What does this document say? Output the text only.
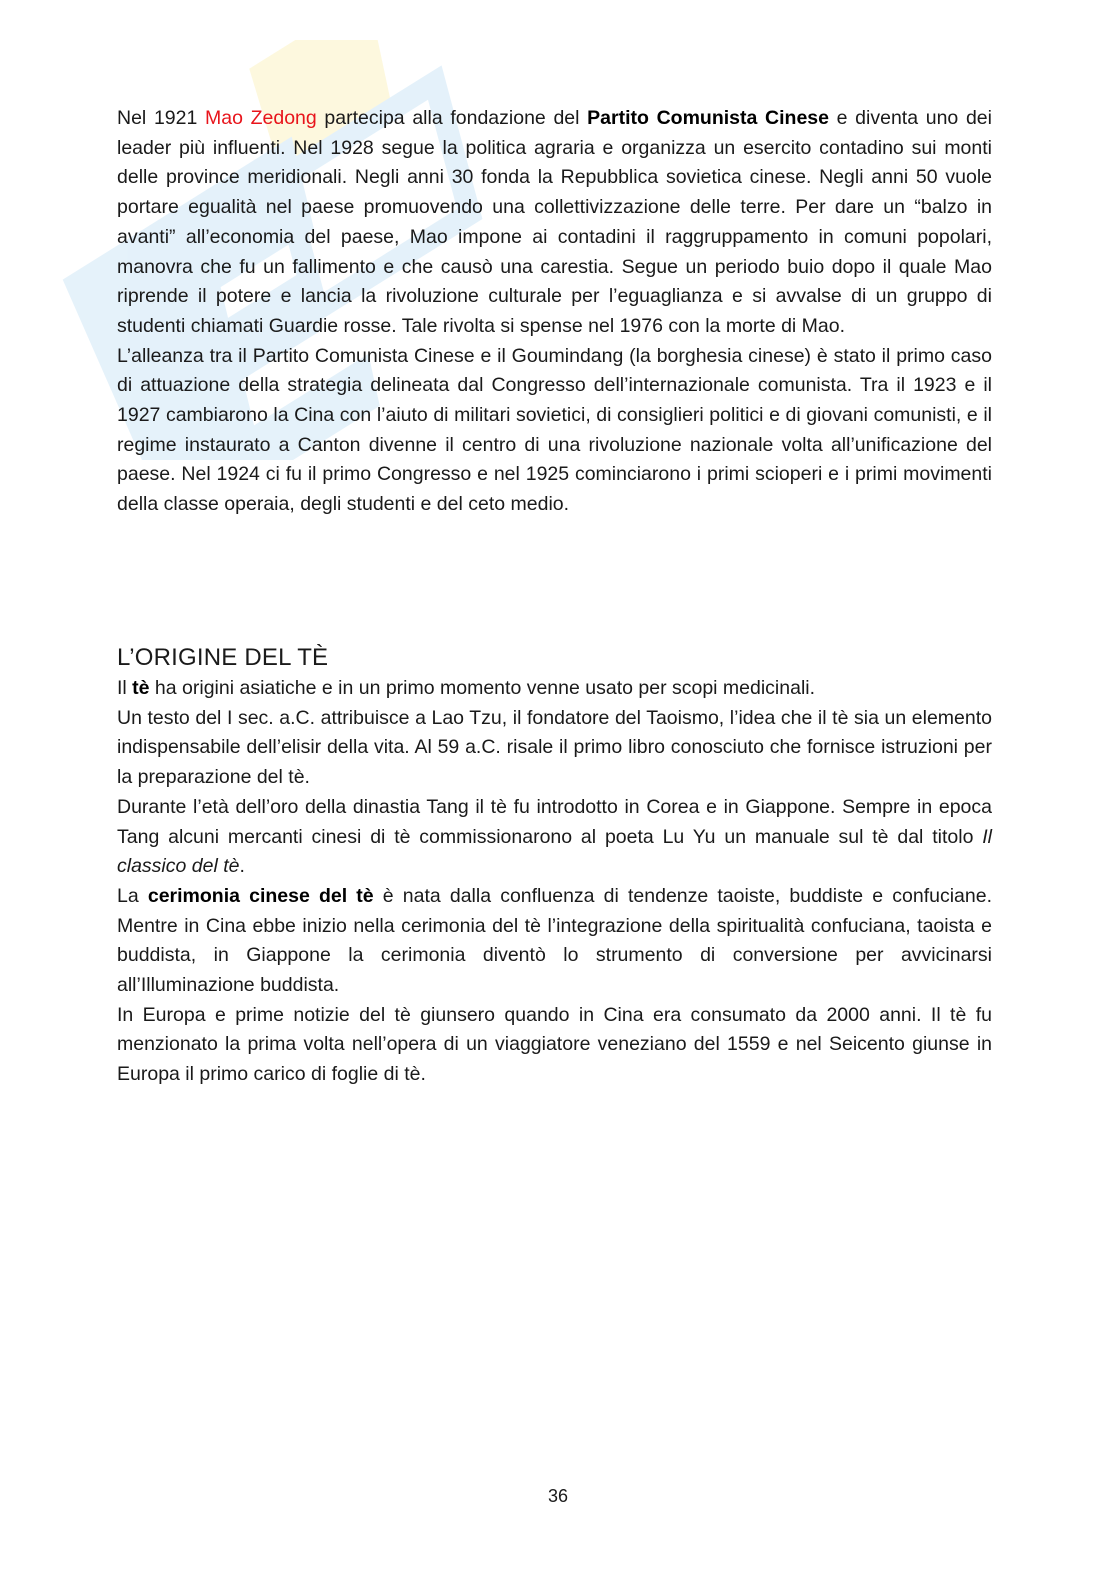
Nel 1921 Mao Zedong partecipa alla fondazione del Partito Comunista Cinese e diventa uno dei leader più influenti. Nel 1928 segue la politica agraria e organizza un esercito contadino sui monti delle province meridionali. Negli anni 30 fonda la Repubblica sovietica cinese. Negli anni 50 vuole portare egualità nel paese promuovendo una collettivizzazione delle terre. Per dare un “balzo in avanti” all’economia del paese, Mao impone ai contadini il raggruppamento in comuni popolari, manovra che fu un fallimento e che causò una carestia. Segue un periodo buio dopo il quale Mao riprende il potere e lancia la rivoluzione culturale per l’eguaglianza e si avvalse di un gruppo di studenti chiamati Guardie rosse. Tale rivolta si spense nel 1976 con la morte di Mao.

L’alleanza tra il Partito Comunista Cinese e il Goumindang (la borghesia cinese) è stato il primo caso di attuazione della strategia delineata dal Congresso dell’internazionale comunista. Tra il 1923 e il 1927 cambiarono la Cina con l’aiuto di militari sovietici, di consiglieri politici e di giovani comunisti, e il regime instaurato a Canton divenne il centro di una rivoluzione nazionale volta all’unificazione del paese. Nel 1924 ci fu il primo Congresso e nel 1925 cominciarono i primi scioperi e i primi movimenti della classe operaia, degli studenti e del ceto medio.

L’ORIGINE DEL TÈ

Il tè ha origini asiatiche e in un primo momento venne usato per scopi medicinali.

Un testo del I sec. a.C. attribuisce a Lao Tzu, il fondatore del Taoismo, l’idea che il tè sia un elemento indispensabile dell’elisir della vita. Al 59 a.C. risale il primo libro conosciuto che fornisce istruzioni per la preparazione del tè.

Durante l’età dell’oro della dinastia Tang il tè fu introdotto in Corea e in Giappone. Sempre in epoca Tang alcuni mercanti cinesi di tè commissionarono al poeta Lu Yu un manuale sul tè dal titolo Il classico del tè.

La cerimonia cinese del tè è nata dalla confluenza di tendenze taoiste, buddiste e confuciane. Mentre in Cina ebbe inizio nella cerimonia del tè l’integrazione della spiritualità confuciana, taoista e buddista, in Giappone la cerimonia diventò lo strumento di conversione per avvicinarsi all’Illuminazione buddista.

In Europa e prime notizie del tè giunsero quando in Cina era consumato da 2000 anni. Il tè fu menzionato la prima volta nell’opera di un viaggiatore veneziano del 1559 e nel Seicento giunse in Europa il primo carico di foglie di tè.

36
